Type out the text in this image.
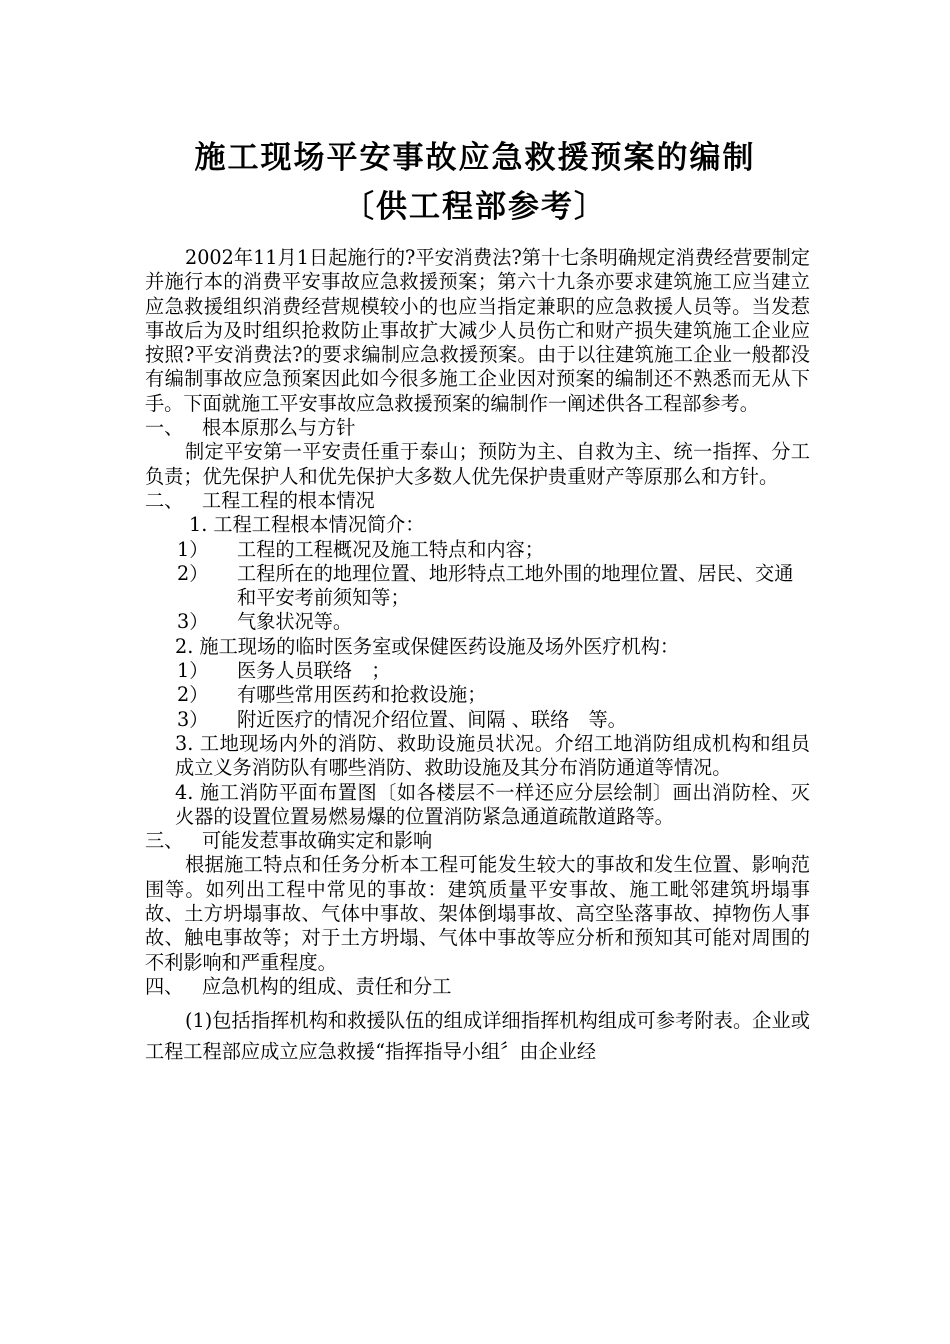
施工现场平安事故应急救援预案的编制
〔供工程部参考〕

2002年11月1日起施行的?平安消费法?第十七条明确规定消费经营要制定并施行本的消费平安事故应急救援预案；第六十九条亦要求建筑施工应当建立应急救援组织消费经营规模较小的也应当指定兼职的应急救援人员等。当发惹事故后为及时组织抢救防止事故扩大减少人员伤亡和财产损失建筑施工企业应按照?平安消费法?的要求编制应急救援预案。由于以往建筑施工企业一般都没有编制事故应急预案因此如今很多施工企业因对预案的编制还不熟悉而无从下手。下面就施工平安事故应急救援预案的编制作一阐述供各工程部参考。

一、 根本原那么与方针

制定平安第一平安责任重于泰山；预防为主、自救为主、统一指挥、分工负责；优先保护人和优先保护大多数人优先保护贵重财产等原那么和方针。

二、 工程工程的根本情况

1. 工程工程根本情况简介：

1）	工程的工程概况及施工特点和内容；
2）	工程所在的地理位置、地形特点工地外围的地理位置、居民、交通和平安考前须知等；
3）	气象状况等。

2. 施工现场的临时医务室或保健医药设施及场外医疗机构：

1）	医务人员联络　；
2）	有哪些常用医药和抢救设施；
3）	附近医疗的情况介绍位置、间隔 、联络　等。

3. 工地现场内外的消防、救助设施员状况。介绍工地消防组成机构和组员成立义务消防队有哪些消防、救助设施及其分布消防通道等情况。

4. 施工消防平面布置图〔如各楼层不一样还应分层绘制〕画出消防栓、灭火器的设置位置易燃易爆的位置消防紧急通道疏散道路等。

三、 可能发惹事故确实定和影响

根据施工特点和任务分析本工程可能发生较大的事故和发生位置、影响范围等。如列出工程中常见的事故：建筑质量平安事故、施工毗邻建筑坍塌事故、土方坍塌事故、气体中事故、架体倒塌事故、高空坠落事故、掉物伤人事故、触电事故等；对于土方坍塌、气体中事故等应分析和预知其可能对周围的不利影响和严重程度。

四、 应急机构的组成、责任和分工

(1)包括指挥机构和救援队伍的组成详细指挥机构组成可参考附表。企业或工程工程部应成立应急救援“指挥指导小组〞由企业经
